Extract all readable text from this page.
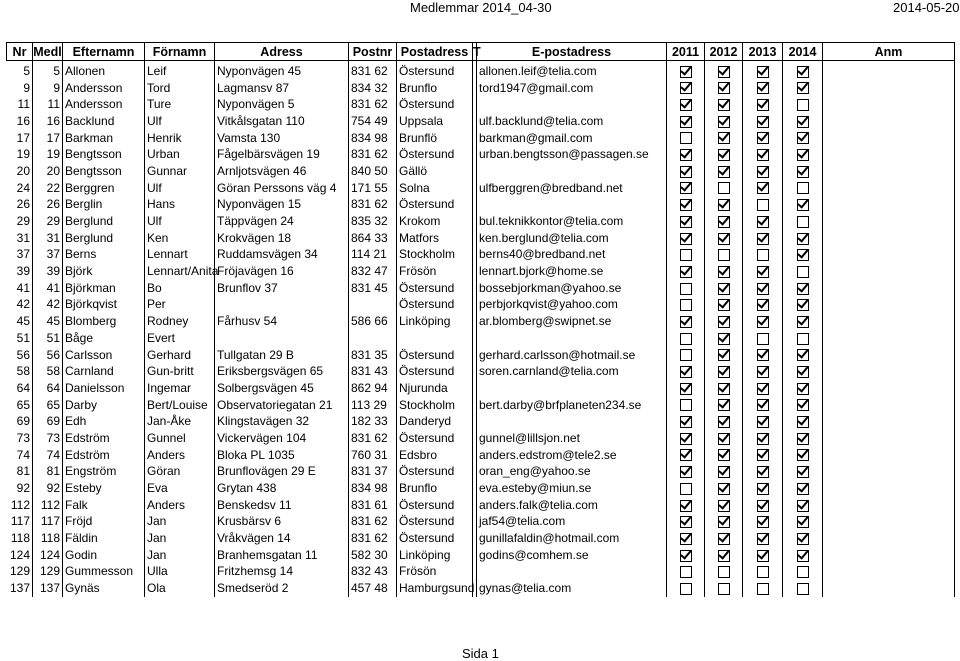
Medlemmar 2014_04-30	2014-05-20
Nr	Medl	Efternamn	Förnamn	Adress	Postnr	Postadress	T	E-postadress	2011	2012	2013	2014	Anm
5	5	Allonen	Leif	Nyponvägen 45	831 62	Östersund		allonen.leif@telia.com					
9	9	Andersson	Tord	Lagmansv 87	834 32	Brunflo		tord1947@gmail.com					
11	11	Andersson	Ture	Nyponvägen 5	831 62	Östersund							
16	16	Backlund	Ulf	Vitkålsgatan 110	754 49	Uppsala		ulf.backlund@telia.com					
17	17	Barkman	Henrik	Vamsta 130	834 98	Brunflö		barkman@gmail.com					
19	19	Bengtsson	Urban	Fågelbärsvägen 19	831 62	Östersund		urban.bengtsson@passagen.se					
20	20	Bengtsson	Gunnar	Arnljotsvägen 46	840 50	Gällö							
24	22	Berggren	Ulf	Göran Perssons väg 4	171 55	Solna		ulfberggren@bredband.net					
26	26	Berglin	Hans	Nyponvägen 15	831 62	Östersund							
29	29	Berglund	Ulf	Täppvägen 24	835 32	Krokom		bul.teknikkontor@telia.com					
31	31	Berglund	Ken	Krokvägen 18	864 33	Matfors		ken.berglund@telia.com					
37	37	Berns	Lennart	Ruddamsvägen 34	114 21	Stockholm		berns40@bredband.net					
39	39	Björk	Lennart/Anita	Fröjavägen 16	832 47	Frösön		lennart.bjork@home.se					
41	41	Björkman	Bo	Brunflov 37	831 45	Östersund		bossebjorkman@yahoo.se					
42	42	Björkqvist	Per			Östersund		perbjorkqvist@yahoo.com					
45	45	Blomberg	Rodney	Fårhusv 54	586 66	Linköping		ar.blomberg@swipnet.se					
51	51	Båge	Evert										
56	56	Carlsson	Gerhard	Tullgatan 29 B	831 35	Östersund		gerhard.carlsson@hotmail.se					
58	58	Carnland	Gun-britt	Eriksbergsvägen 65	831 43	Östersund		soren.carnland@telia.com					
64	64	Danielsson	Ingemar	Solbergsvägen 45	862 94	Njurunda							
65	65	Darby	Bert/Louise	Observatoriegatan 21	113 29	Stockholm		bert.darby@brfplaneten234.se					
69	69	Edh	Jan-Åke	Klingstavägen 32	182 33	Danderyd							
73	73	Edström	Gunnel	Vickervägen 104	831 62	Östersund		gunnel@lillsjon.net					
74	74	Edström	Anders	Bloka PL 1035	760 31	Edsbro		anders.edstrom@tele2.se					
81	81	Engström	Göran	Brunflovägen 29 E	831 37	Östersund		oran_eng@yahoo.se					
92	92	Esteby	Eva	Grytan 438	834 98	Brunflo		eva.esteby@miun.se					
112	112	Falk	Anders	Benskedsv 11	831 61	Östersund		anders.falk@telia.com					
117	117	Fröjd	Jan	Krusbärsv 6	831 62	Östersund		jaf54@telia.com					
118	118	Fäldin	Jan	Vråkvägen 14	831 62	Östersund		gunillafaldin@hotmail.com					
124	124	Godin	Jan	Branhemsgatan 11	582 30	Linköping		godins@comhem.se					
129	129	Gummesson	Ulla	Fritzhemsg 14	832 43	Frösön							
137	137	Gynäs	Ola	Smedseröd 2	457 48	Hamburgsund		gynas@telia.com					
Sida 1
